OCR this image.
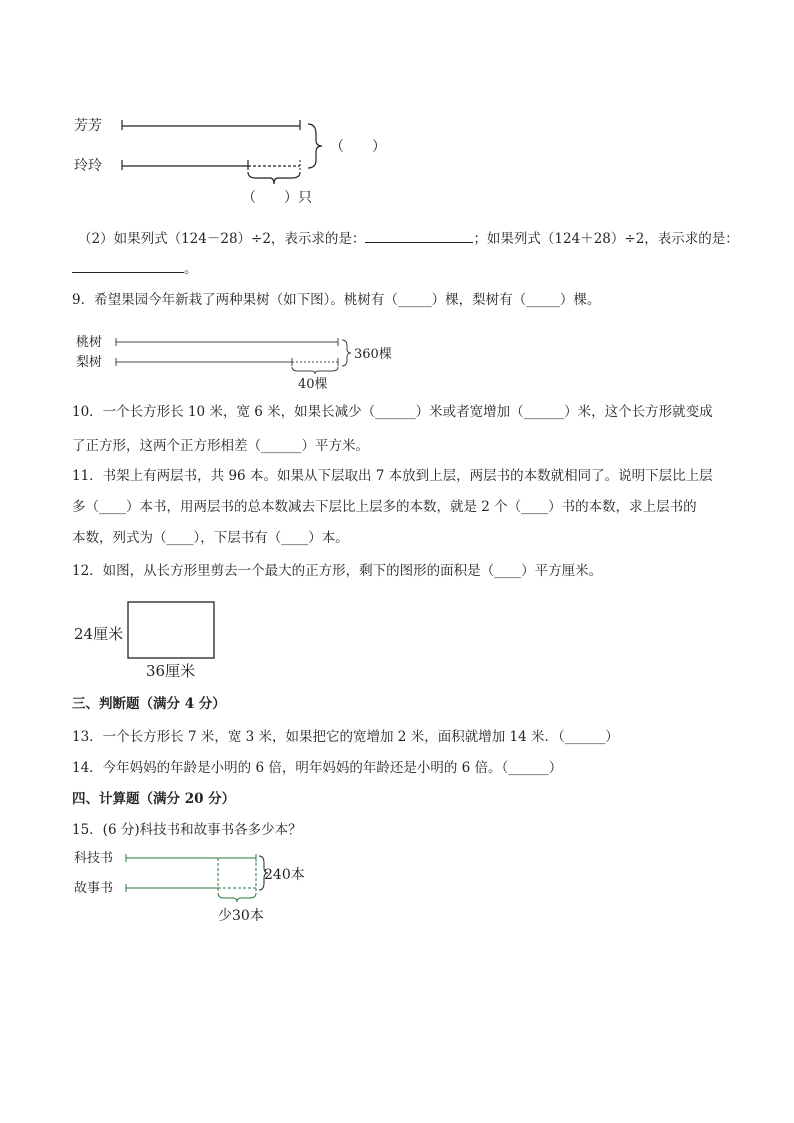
芳芳
玲玲
（　　）
（　　）只
（2）如果列式（124－28）÷2，表示求的是：	；如果列式（124＋28）÷2，表示求的是：
。
9．希望果园今年新栽了两种果树（如下图）。桃树有（_____）棵，梨树有（_____）棵。
桃树
梨树
360棵
40棵
10．一个长方形长 10 米，宽 6 米，如果长减少（______）米或者宽增加（______）米，这个长方形就变成
了正方形，这两个正方形相差（______）平方米。
11．书架上有两层书，共 96 本。如果从下层取出 7 本放到上层，两层书的本数就相同了。说明下层比上层
多（____）本书，用两层书的总本数减去下层比上层多的本数，就是 2 个（____）书的本数，求上层书的
本数，列式为（____），下层书有（____）本。
12．如图，从长方形里剪去一个最大的正方形，剩下的图形的面积是（____）平方厘米。
24厘米
36厘米
三、判断题（满分 4 分）
13．一个长方形长 7 米，宽 3 米，如果把它的宽增加 2 米，面积就增加 14 米．（______）
14．今年妈妈的年龄是小明的 6 倍，明年妈妈的年龄还是小明的 6 倍。（______）
四、计算题（满分 20 分）
15．(6 分)科技书和故事书各多少本？
科技书
故事书
240本
少30本
